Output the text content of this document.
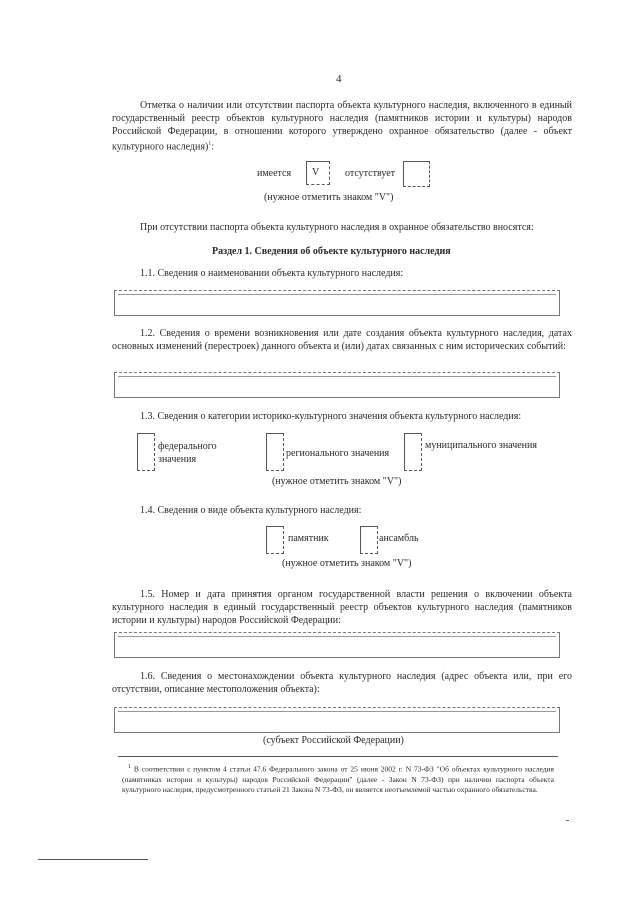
4
Отметка о наличии или отсутствии паспорта объекта культурного наследия, включенного в единый государственный реестр объектов культурного наследия (памятников истории и культуры) народов Российской Федерации, в отношении которого утверждено охранное обязательство (далее - объект культурного наследия)$^1$:
имеется V	отсутствует
(нужное отметить знаком "V")
При отсутствии паспорта объекта культурного наследия в охранное обязательство вносятся:
Раздел 1. Сведения об объекте культурного наследия
1.1. Сведения о наименовании объекта культурного наследия:
1.2. Сведения о времени возникновения или дате создания объекта культурного наследия, датах основных изменений (перестроек) данного объекта и (или) датах связанных с ним исторических событий:
1.3. Сведения о категории историко-культурного значения объекта культурного наследия:
федерального значения
регионального значения
муниципального значения
(нужное отметить знаком "V")
1.4. Сведения о виде объекта культурного наследия:
памятник	ансамбль
(нужное отметить знаком "V")
1.5. Номер и дата принятия органом государственной власти решения о включении объекта культурного наследия в единый государственный реестр объектов культурного наследия (памятников истории и культуры) народов Российской Федерации:
1.6. Сведения о местонахождении объекта культурного наследия (адрес объекта или, при его отсутствии, описание местоположения объекта):
(субъект Российской Федерации)
$^1$ В соответствии с пунктом 4 статьи 47.6 Федерального закона от 25 июня 2002 г. N 73-ФЗ "Об объектах культурного наследия (памятниках истории и культуры) народов Российской Федерации" (далее - Закон N 73-ФЗ) при наличии паспорта объекта культурного наследия, предусмотренного статьей 21 Закона N 73-ФЗ, он является неотъемлемой частью охранного обязательства.
